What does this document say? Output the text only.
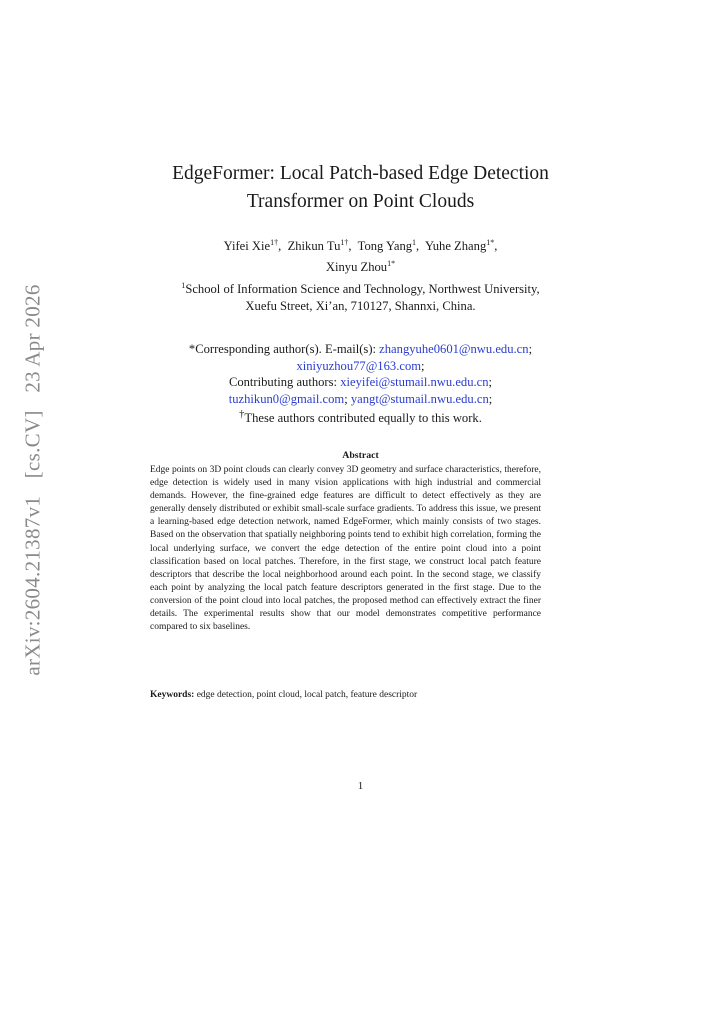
arXiv:2604.21387v1 [cs.CV] 23 Apr 2026
EdgeFormer: Local Patch-based Edge Detection
Transformer on Point Clouds
Yifei Xie$^{1\dagger}$,  Zhikun $Tu^{1\dagger}$,  Tong Yang$^1$,  Yuhe Zhang$^{1*}$,
Xinyu Zhou$^{1*}$
$^1$School of Information Science and Technology, Northwest University,
Xuefu Street, Xi’an, 710127, Shannxi, China.
*Corresponding author(s). E-mail(s): zhangyuhe0601@nwu.edu.cn;
xiniyuzhou77@163.com;
Contributing authors: xieyifei@stumail.nwu.edu.cn;
tuzhikun0@gmail.com; yangt@stumail.nwu.edu.cn;
†These authors contributed equally to this work.
Abstract
Edge points on 3D point clouds can clearly convey 3D geometry and surface characteristics, therefore, edge detection is widely used in many vision applications with high industrial and commercial demands. However, the fine-grained edge features are difficult to detect effectively as they are generally densely distributed or exhibit small-scale surface gradients. To address this issue, we present a learning-based edge detection network, named EdgeFormer, which mainly consists of two stages. Based on the observation that spatially neighboring points tend to exhibit high correlation, forming the local underlying surface, we convert the edge detection of the entire point cloud into a point classification based on local patches. Therefore, in the first stage, we construct local patch feature descriptors that describe the local neighborhood around each point. In the second stage, we classify each point by analyzing the local patch feature descriptors generated in the first stage. Due to the conversion of the point cloud into local patches, the proposed method can effectively extract the finer details. The experimental results show that our model demonstrates competitive performance compared to six baselines.
Keywords: edge detection, point cloud, local patch, feature descriptor
1
